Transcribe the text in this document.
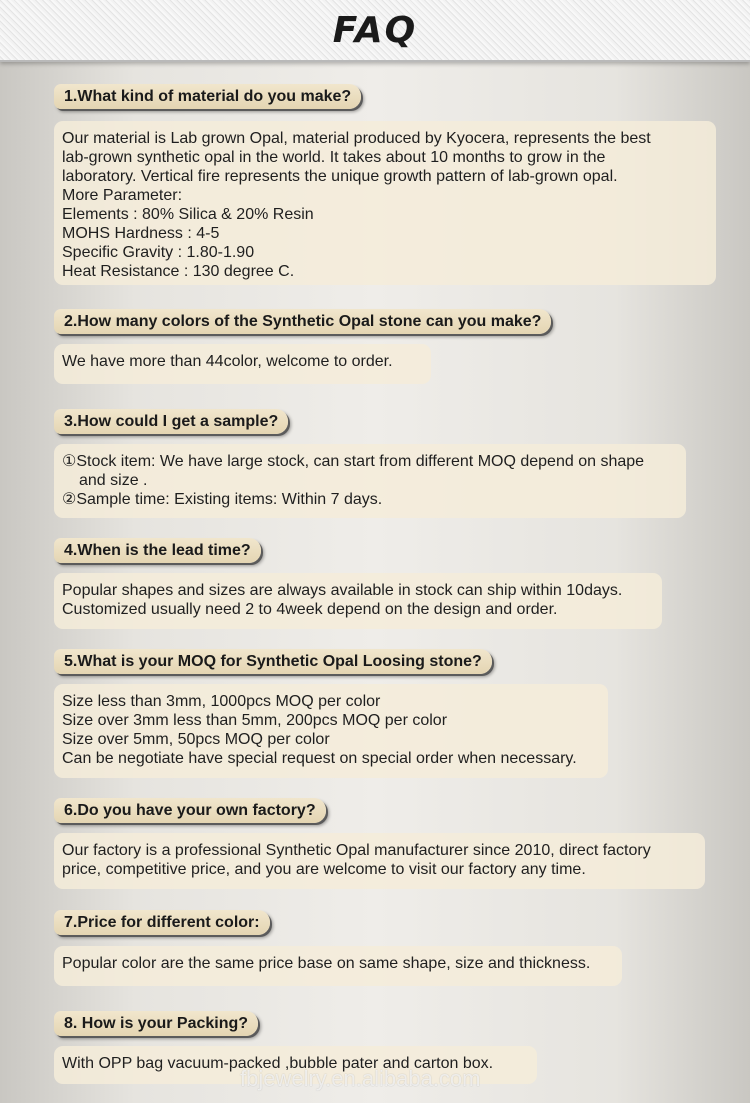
FAQ
1.What kind of material do you make?
Our material is Lab grown Opal, material produced by Kyocera, represents the best
lab-grown synthetic opal in the world. It takes about 10 months to grow in the
laboratory. Vertical fire represents the unique growth pattern of lab-grown opal.
More Parameter:
Elements : 80% Silica & 20% Resin
MOHS Hardness : 4-5
Specific Gravity : 1.80-1.90
Heat Resistance : 130 degree C.
2.How many colors of the Synthetic Opal stone can you make?
We have more than 44color, welcome to order.
3.How could I get a sample?
①Stock item: We have large stock, can start from different MOQ depend on shape
and size .
②Sample time: Existing items: Within 7 days.
4.When is the lead time?
Popular shapes and sizes are always available in stock can ship within 10days.
Customized usually need 2 to 4week depend on the design and order.
5.What is your MOQ for Synthetic Opal Loosing stone?
Size less than 3mm, 1000pcs MOQ per color
Size over 3mm less than 5mm, 200pcs MOQ per color
Size over 5mm, 50pcs MOQ per color
Can be negotiate have special request on special order when necessary.
6.Do you have your own factory?
Our factory is a professional Synthetic Opal manufacturer since 2010, direct factory
price, competitive price, and you are welcome to visit our factory any time.
7.Price for different color:
Popular color are the same price base on same shape, size and thickness.
8. How is your Packing?
With OPP bag vacuum-packed ,bubble pater and carton box.
fbjewelry.en.alibaba.com
